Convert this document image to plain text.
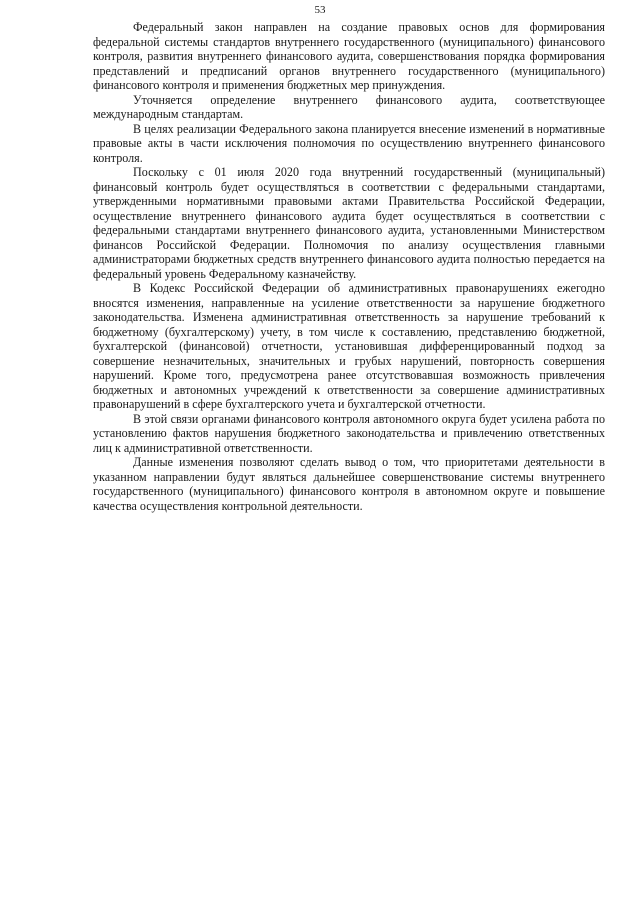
53

Федеральный закон направлен на создание правовых основ для формирования федеральной системы стандартов внутреннего государственного (муниципального) финансового контроля, развития внутреннего финансового аудита, совершенствования порядка формирования представлений и предписаний органов внутреннего государственного (муниципального) финансового контроля и применения бюджетных мер принуждения.

Уточняется определение внутреннего финансового аудита, соответствующее международным стандартам.

В целях реализации Федерального закона планируется внесение изменений в нормативные правовые акты в части исключения полномочия по осуществлению внутреннего финансового контроля.

Поскольку с 01 июля 2020 года внутренний государственный (муниципальный) финансовый контроль будет осуществляться в соответствии с федеральными стандартами, утвержденными нормативными правовыми актами Правительства Российской Федерации, осуществление внутреннего финансового аудита будет осуществляться в соответствии с федеральными стандартами внутреннего финансового аудита, установленными Министерством финансов Российской Федерации. Полномочия по анализу осуществления главными администраторами бюджетных средств внутреннего финансового аудита полностью передается на федеральный уровень Федеральному казначейству.

В Кодекс Российской Федерации об административных правонарушениях ежегодно вносятся изменения, направленные на усиление ответственности за нарушение бюджетного законодательства. Изменена административная ответственность за нарушение требований к бюджетному (бухгалтерскому) учету, в том числе к составлению, представлению бюджетной, бухгалтерской (финансовой) отчетности, установившая дифференцированный подход за совершение незначительных, значительных и грубых нарушений, повторность совершения нарушений. Кроме того, предусмотрена ранее отсутствовавшая возможность привлечения бюджетных и автономных учреждений к ответственности за совершение административных правонарушений в сфере бухгалтерского учета и бухгалтерской отчетности.

В этой связи органами финансового контроля автономного округа будет усилена работа по установлению фактов нарушения бюджетного законодательства и привлечению ответственных лиц к административной ответственности.

Данные изменения позволяют сделать вывод о том, что приоритетами деятельности в указанном направлении будут являться дальнейшее совершенствование системы внутреннего государственного (муниципального) финансового контроля в автономном округе и повышение качества осуществления контрольной деятельности.
